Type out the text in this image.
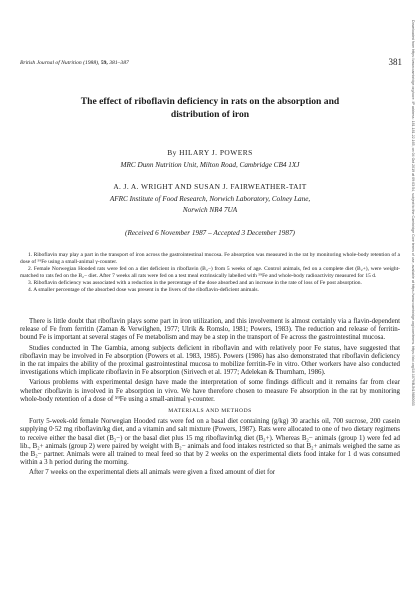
British Journal of Nutrition (1988), 59, 381–387	381
The effect of riboflavin deficiency in rats on the absorption and
distribution of iron
By HILARY J. POWERS
MRC Dunn Nutrition Unit, Milton Road, Cambridge CB4 1XJ
A. J. A. WRIGHT AND SUSAN J. FAIRWEATHER-TAIT
AFRC Institute of Food Research, Norwich Laboratory, Colney Lane,
Norwich NR4 7UA
(Received 6 November 1987 – Accepted 3 December 1987)

1. Riboflavin may play a part in the transport of iron across the gastrointestinal mucosa. Fe absorption was measured in the rat by monitoring whole-body retention of a dose of ⁵⁹Fe using a small-animal γ-counter.

2. Female Norwegian Hooded rats were fed on a diet deficient in riboflavin (B₂−) from 5 weeks of age. Control animals, fed on a complete diet (B₂+), were weight-matched to rats fed on the B₂− diet. After 7 weeks all rats were fed on a test meal extrinsically labelled with ⁵⁹Fe and whole-body radioactivity measured for 15 d.

3. Riboflavin deficiency was associated with a reduction in the percentage of the dose absorbed and an increase in the rate of loss of Fe post absorption.

4. A smaller percentage of the absorbed dose was present in the livers of the riboflavin-deficient animals.

There is little doubt that riboflavin plays some part in iron utilization, and this involvement is almost certainly via a flavin-dependent release of Fe from ferritin (Zaman & Verwilghen, 1977; Ulrik & Romslo, 1981; Powers, 1983). The reduction and release of ferritin-bound Fe is important at several stages of Fe metabolism and may be a step in the transport of Fe across the gastrointestinal mucosa.

Studies conducted in The Gambia, among subjects deficient in riboflavin and with relatively poor Fe status, have suggested that riboflavin may be involved in Fe absorption (Powers et al. 1983, 1985). Powers (1986) has also demonstrated that riboflavin deficiency in the rat impairs the ability of the proximal gastrointestinal mucosa to mobilize ferritin-Fe in vitro. Other workers have also conducted investigations which implicate riboflavin in Fe absorption (Sirivech et al. 1977; Adelekan & Thurnham, 1986).

Various problems with experimental design have made the interpretation of some findings difficult and it remains far from clear whether riboflavin is involved in Fe absorption in vivo. We have therefore chosen to measure Fe absorption in the rat by monitoring whole-body retention of a dose of ⁵⁹Fe using a small-animal γ-counter.

MATERIALS AND METHODS

Forty 5-week-old female Norwegian Hooded rats were fed on a basal diet containing (g/kg) 30 arachis oil, 700 sucrose, 200 casein supplying 0·52 mg riboflavin/kg diet, and a vitamin and salt mixture (Powers, 1987). Rats were allocated to one of two dietary regimens to receive either the basal diet (B₂−) or the basal diet plus 15 mg riboflavin/kg diet (B₂+). Whereas B₂− animals (group 1) were fed ad lib., B₂+ animals (group 2) were paired by weight with B₂− animals and food intakes restricted so that B₂+ animals weighed the same as the B₂− partner. Animals were all trained to meal feed so that by 2 weeks on the experimental diets food intake for 1 d was consumed within a 3 h period during the morning.

After 7 weeks on the experimental diets all animals were given a fixed amount of diet for

Downloaded from https://www.cambridge.org/core. IP address: 181.181.22.165, on 04 Oct 2019 at 09:03:54, subject to the Cambridge Core terms of use, available at https://www.cambridge.org/core/terms. https://doi.org/10.1079/BJN19880033
